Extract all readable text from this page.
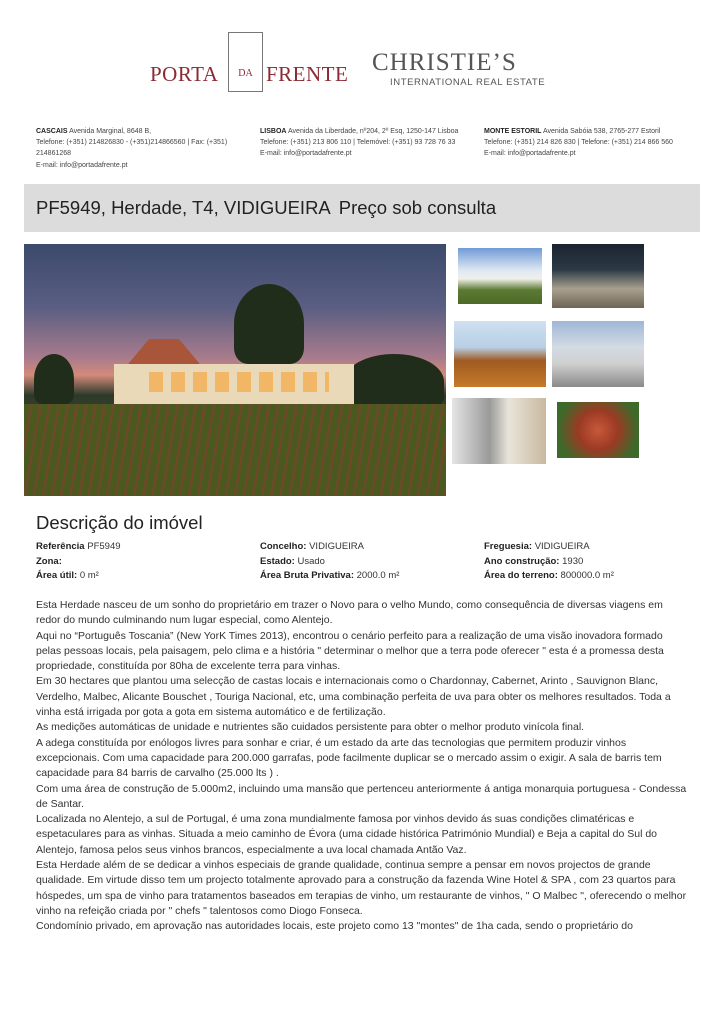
PORTA	DA FRENTE CHRISTIE’S
INTERNATIONAL REAL ESTATE
CASCAIS Avenida Marginal, 8648 B,
Telefone: (+351) 214826830 - (+351)214866560 | Fax: (+351)
214861268
E-mail: info@portadafrente.pt
LISBOA Avenida da Liberdade, nº204, 2º Esq, 1250-147 Lisboa
Telefone: (+351) 213 806 110 | Telemóvel: (+351) 93 728 76 33
E-mail: info@portadafrente.pt
MONTE ESTORIL Avenida Sabóia 538, 2765-277 Estoril
Telefone: (+351) 214 826 830 | Telefone: (+351) 214 866 560
E-mail: info@portadafrente.pt
PF5949, Herdade, T4, VIDIGUEIRA Preço sob consulta
Descrição do imóvel
Referência PF5949
Zona:
Área útil: 0 m²
Concelho: VIDIGUEIRA
Estado: Usado
Área Bruta Privativa: 2000.0 m²
Freguesia: VIDIGUEIRA
Ano construção: 1930
Área do terreno: 800000.0 m²

Esta Herdade nasceu de um sonho do proprietário em trazer o Novo para o velho Mundo, como consequência de diversas viagens em redor do mundo culminando num lugar especial, como Alentejo.

Aqui no “Português Toscania” (New YorK Times 2013), encontrou o cenário perfeito para a realização de uma visão inovadora formado pelas pessoas locais, pela paisagem, pelo clima e a história " determinar o melhor que a terra pode oferecer " esta é a promessa desta propriedade, constituída por 80ha de excelente terra para vinhas.

Em 30 hectares que plantou uma selecção de castas locais e internacionais como o Chardonnay, Cabernet, Arinto , Sauvignon Blanc, Verdelho, Malbec, Alicante Bouschet , Touriga Nacional, etc, uma combinação perfeita de uva para obter os melhores resultados. Toda a vinha está irrigada por gota a gota em sistema automático e de fertilização.

As medições automáticas de unidade e nutrientes são cuidados persistente para obter o melhor produto vinícola final.

A adega constituída por enólogos livres para sonhar e criar, é um estado da arte das tecnologias que permitem produzir vinhos excepcionais. Com uma capacidade para 200.000 garrafas, pode facilmente duplicar se o mercado assim o exigir. A sala de barris tem capacidade para 84 barris de carvalho (25.000 lts ) .

Com uma área de construção de 5.000m2, incluindo uma mansão que pertenceu anteriormente á antiga monarquia portuguesa - Condessa de Santar.

Localizada no Alentejo, a sul de Portugal, é uma zona mundialmente famosa por vinhos devido ás suas condições climatéricas e espetaculares para as vinhas. Situada a meio caminho de Évora (uma cidade histórica Património Mundial) e Beja a capital do Sul do Alentejo, famosa pelos seus vinhos brancos, especialmente a uva local chamada Antão Vaz.

Esta Herdade além de se dedicar a vinhos especiais de grande qualidade, continua sempre a pensar em novos projectos de grande qualidade. Em virtude disso tem um projecto totalmente aprovado para a construção da fazenda Wine Hotel & SPA , com 23 quartos para hóspedes, um spa de vinho para tratamentos baseados em terapias de vinho, um restaurante de vinhos, " O Malbec ", oferecendo o melhor vinho na refeição criada por " chefs " talentosos como Diogo Fonseca.

Condomínio privado, em aprovação nas autoridades locais, este projeto como 13 "montes" de 1ha cada, sendo o proprietário do
